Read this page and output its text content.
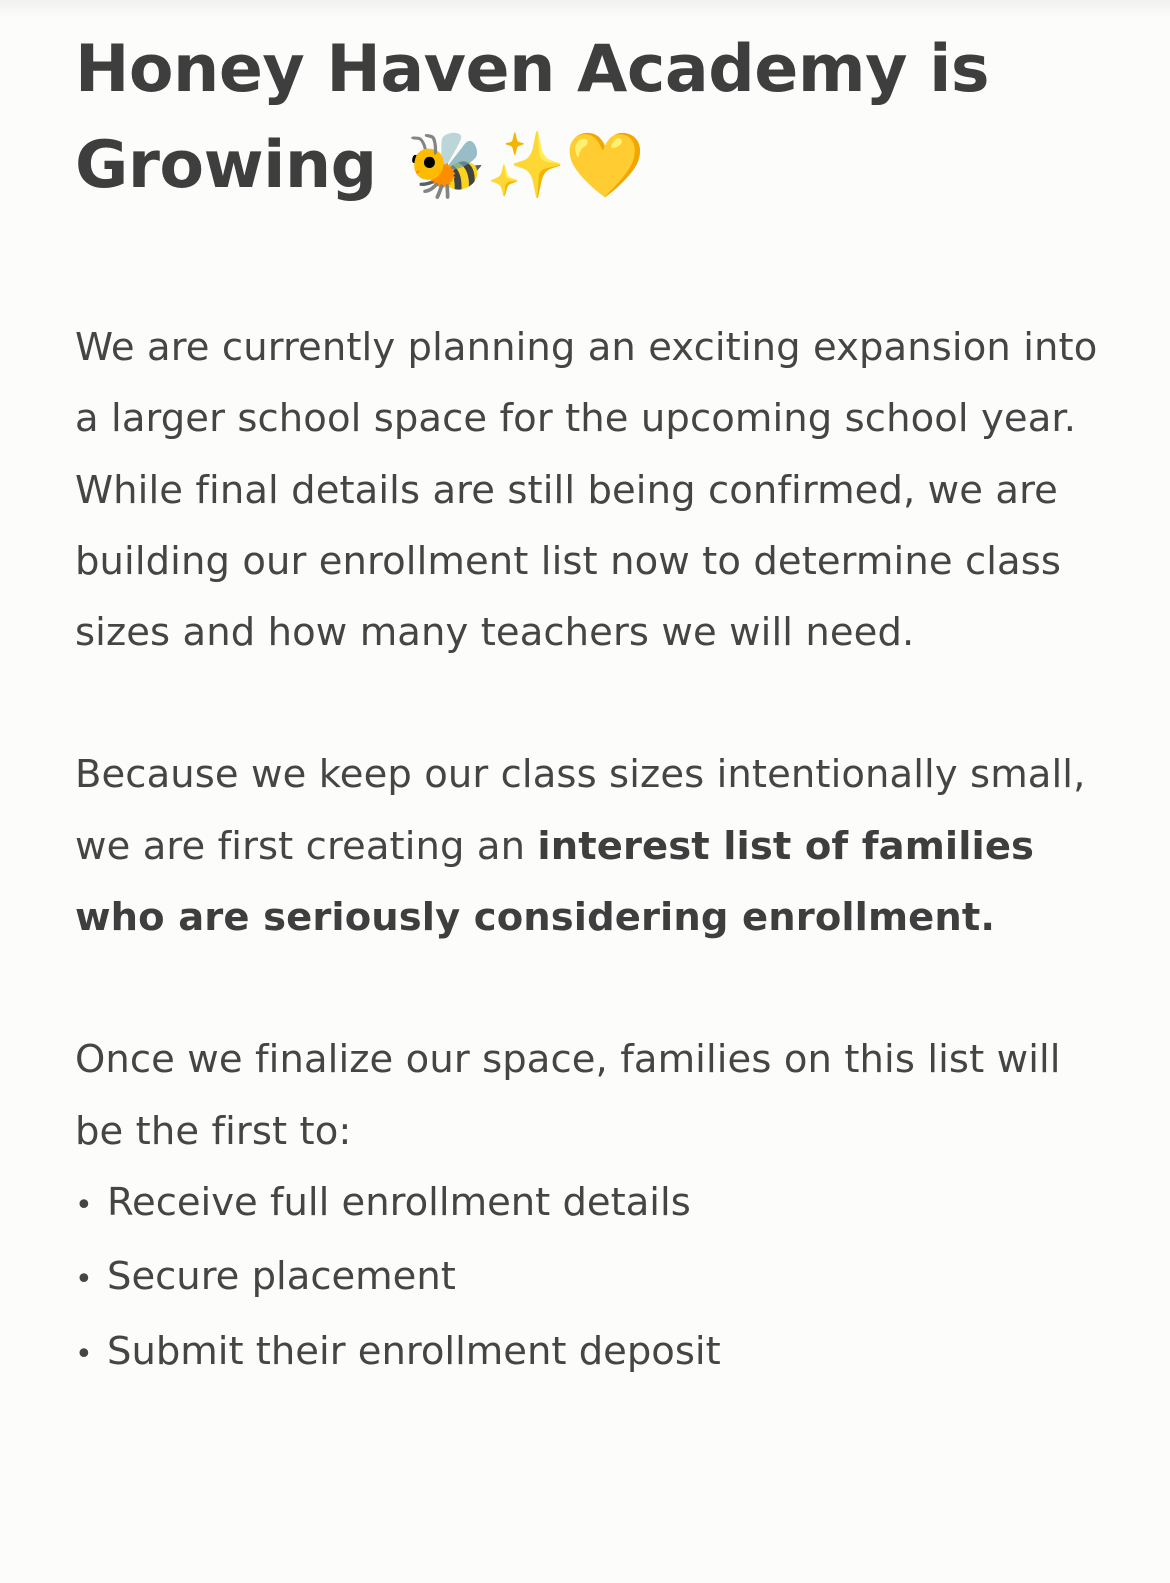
Honey Haven Academy is Growing 🐝✨💛

We are currently planning an exciting expansion into a larger school space for the upcoming school year. While final details are still being confirmed, we are building our enrollment list now to determine class sizes and how many teachers we will need.

Because we keep our class sizes intentionally small, we are first creating an interest list of families who are seriously considering enrollment.

Once we finalize our space, families on this list will be the first to:

• Receive full enrollment details
• Secure placement
• Submit their enrollment deposit
